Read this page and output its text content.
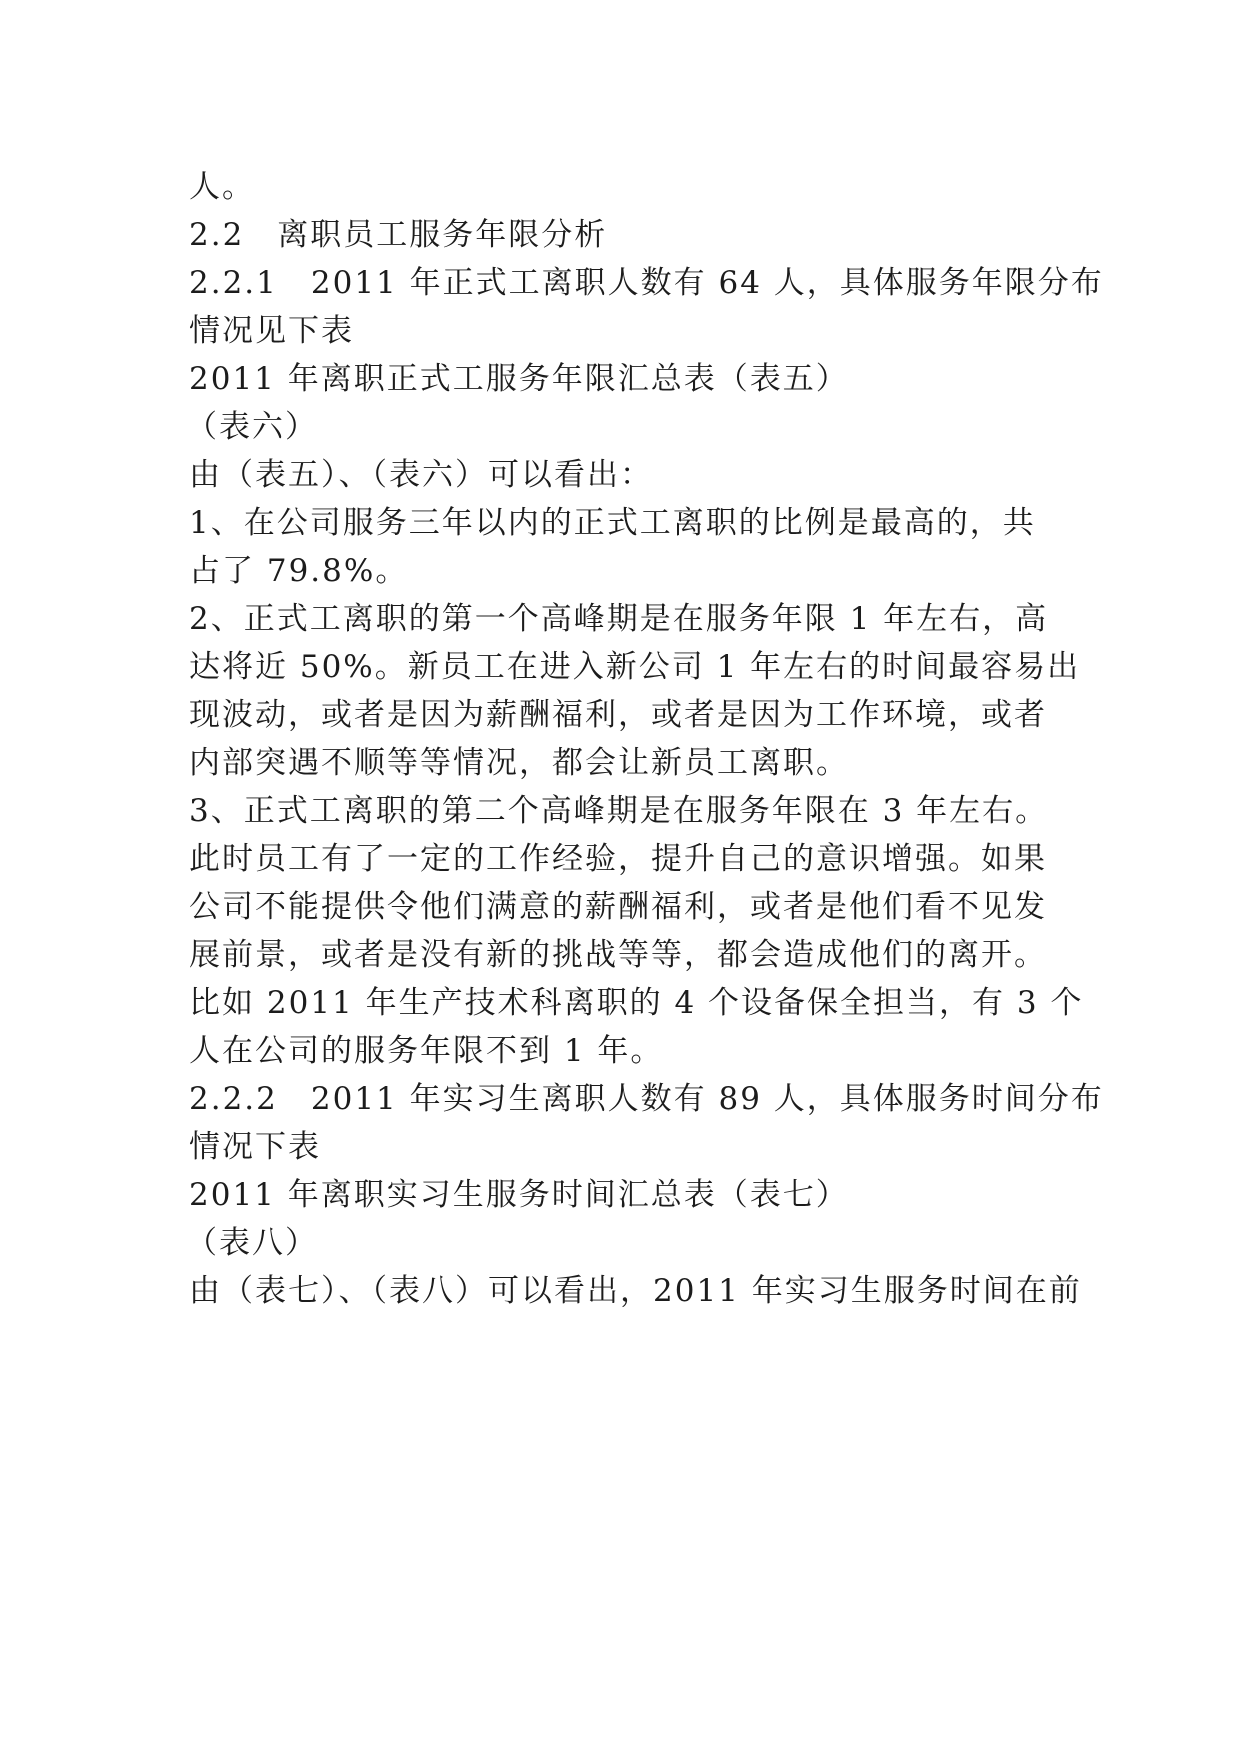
人。
2.2　离职员工服务年限分析
2.2.1　2011 年正式工离职人数有 64 人，具体服务年限分布
情况见下表
2011 年离职正式工服务年限汇总表（表五）
（表六）
由（表五）、（表六）可以看出：
1、在公司服务三年以内的正式工离职的比例是最高的，共
占了 79.8%。
2、正式工离职的第一个高峰期是在服务年限 1 年左右，高
达将近 50%。新员工在进入新公司 1 年左右的时间最容易出
现波动，或者是因为薪酬福利，或者是因为工作环境，或者
内部突遇不顺等等情况，都会让新员工离职。
3、正式工离职的第二个高峰期是在服务年限在 3 年左右。
此时员工有了一定的工作经验，提升自己的意识增强。如果
公司不能提供令他们满意的薪酬福利，或者是他们看不见发
展前景，或者是没有新的挑战等等，都会造成他们的离开。
比如 2011 年生产技术科离职的 4 个设备保全担当，有 3 个
人在公司的服务年限不到 1 年。
2.2.2　2011 年实习生离职人数有 89 人，具体服务时间分布
情况下表
2011 年离职实习生服务时间汇总表（表七）
（表八）
由（表七）、（表八）可以看出，2011 年实习生服务时间在前
